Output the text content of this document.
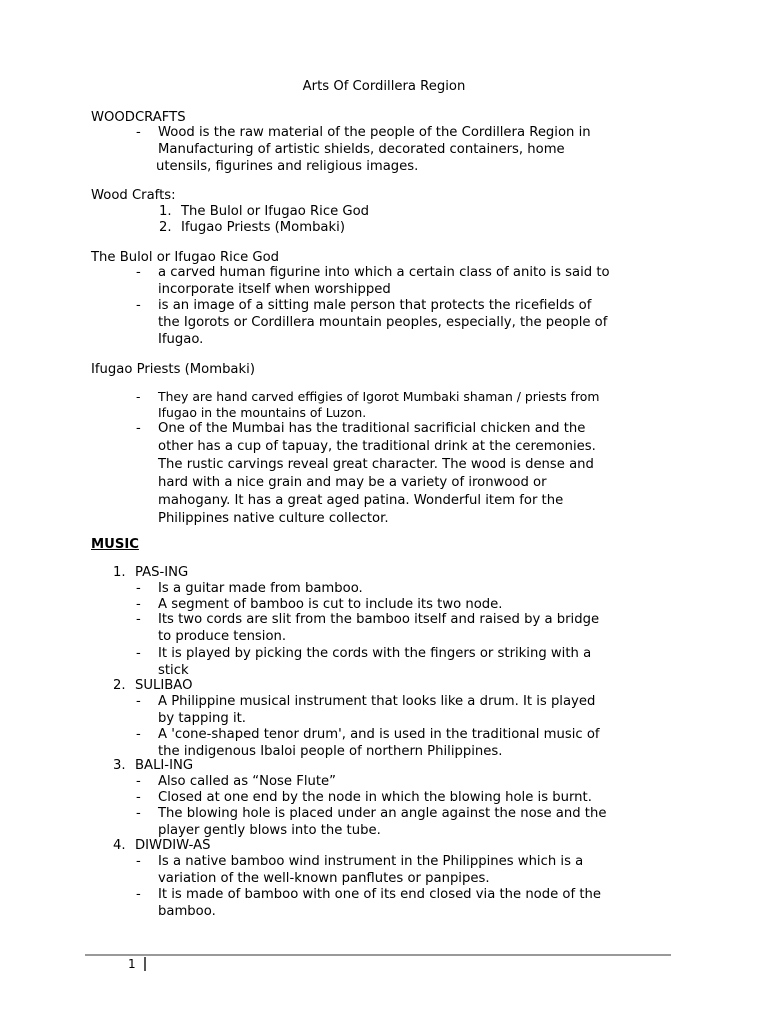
Arts Of Cordillera Region
WOODCRAFTS
- Wood is the raw material of the people of the Cordillera Region in
Manufacturing of artistic shields, decorated containers, home
utensils, figurines and religious images.
Wood Crafts:
1. The Bulol or Ifugao Rice God
2. Ifugao Priests (Mombaki)
The Bulol or Ifugao Rice God
- a carved human figurine into which a certain class of anito is said to
incorporate itself when worshipped
- is an image of a sitting male person that protects the ricefields of
the Igorots or Cordillera mountain peoples, especially, the people of
Ifugao.
Ifugao Priests (Mombaki)
- They are hand carved effigies of Igorot Mumbaki shaman / priests from
Ifugao in the mountains of Luzon.
- One of the Mumbai has the traditional sacrificial chicken and the
other has a cup of tapuay, the traditional drink at the ceremonies.
The rustic carvings reveal great character. The wood is dense and
hard with a nice grain and may be a variety of ironwood or
mahogany. It has a great aged patina. Wonderful item for the
Philippines native culture collector.
MUSIC
1. PAS-ING
- Is a guitar made from bamboo.
- A segment of bamboo is cut to include its two node.
- Its two cords are slit from the bamboo itself and raised by a bridge
to produce tension.
- It is played by picking the cords with the fingers or striking with a
stick
2. SULIBAO
- A Philippine musical instrument that looks like a drum. It is played
by tapping it.
- A 'cone-shaped tenor drum', and is used in the traditional music of
the indigenous Ibaloi people of northern Philippines.
3. BALI-ING
- Also called as “Nose Flute”
- Closed at one end by the node in which the blowing hole is burnt.
- The blowing hole is placed under an angle against the nose and the
player gently blows into the tube.
4. DIWDIW-AS
- Is a native bamboo wind instrument in the Philippines which is a
variation of the well-known panflutes or panpipes.
- It is made of bamboo with one of its end closed via the node of the
bamboo.
1
